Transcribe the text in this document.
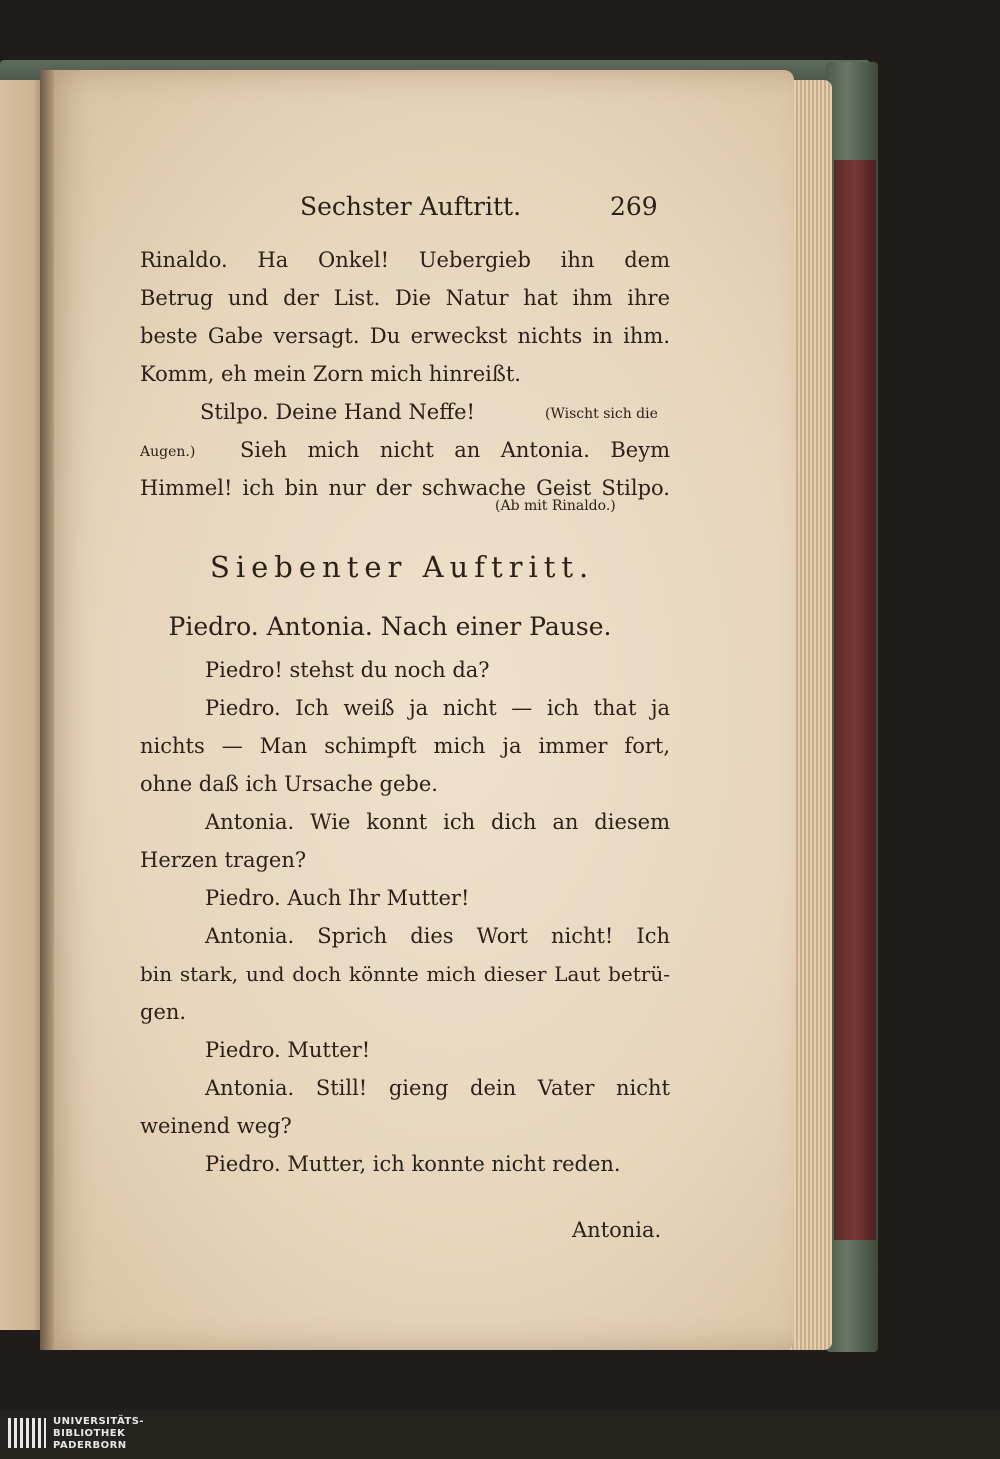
Sechster Auftritt.	269
Rinaldo. Ha Onkel! Uebergieb ihn dem
Betrug und der List. Die Natur hat ihm ihre
beste Gabe versagt. Du erweckst nichts in ihm.
Komm, eh mein Zorn mich hinreißt.
Stilpo. Deine Hand Neffe!	(Wischt sich die
Augen.) Sieh mich nicht an Antonia. Beym
Himmel! ich bin nur der schwache Geist Stilpo.
(Ab mit Rinaldo.)
Siebenter Auftritt.
Piedro. Antonia. Nach einer Pause.
Piedro! stehst du noch da?
Piedro. Ich weiß ja nicht — ich that ja
nichts — Man schimpft mich ja immer fort,
ohne daß ich Ursache gebe.
Antonia. Wie konnt ich dich an diesem
Herzen tragen?
Piedro. Auch Ihr Mutter!
Antonia. Sprich dies Wort nicht! Ich
bin stark, und doch könnte mich dieser Laut betrü-
gen.
Piedro. Mutter!
Antonia. Still! gieng dein Vater nicht
weinend weg?
Piedro. Mutter, ich konnte nicht reden.
Antonia.
UNIVERSITÄTS-
BIBLIOTHEK
PADERBORN
